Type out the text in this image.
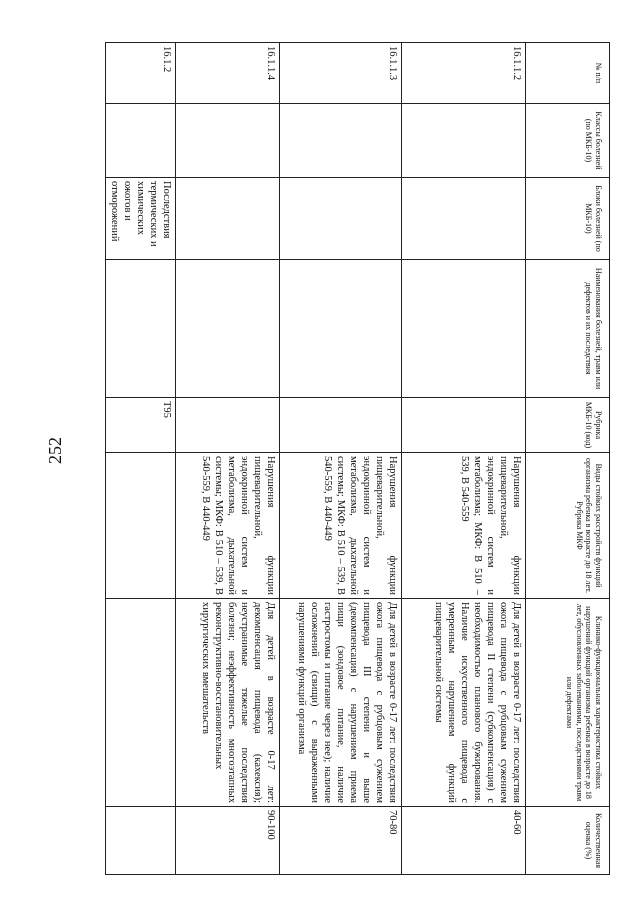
252
№ п/п	Классы болезней (по МКБ-10)	Блоки болезней (по МКБ-10)	Наименования болезней, травм или дефектов и их последствия	Рубрика МКБ-10 (код)	Виды стойких расстройств функций организма ребенка в возрасте до 18 лет. Рубрика МКФ	Клинико-функциональная характеристика стойких нарушений функций организма ребенка в возрасте до 18 лет, обусловленных заболеваниями, последствиями травм или дефектами	Количественная оценка (%)
16.1.1.2					Нарушения функции пищеварительной, эндокринной систем и метаболизма; МКФ: В 510 – 539, В 540-559	Для детей в возрасте 0-17 лет: последствия ожога пищевода с рубцовым сужением пищевода II степени (субкомпенсация) с необходимостью планового бужирования. Наличие искусственного пищевода с умеренным нарушением функций пищеварительной системы	40-60
16.1.1.3					Нарушения функции пищеварительной, эндокринной систем и метаболизма, дыхательной системы; МКФ: В 510 – 539, В 540-559, В 440-449	Для детей в возрасте 0-17 лет: последствия ожога пищевода с рубцовым сужением пищевода III степени и выше (декомпенсация) с нарушением приема пищи (зондовое питание, наличие гастростомы и питание через нее); наличие осложнений (свищи) с выраженными нарушениями функций организма	70-80
16.1.1.4					Нарушения функции пищеварительной, эндокринной систем и метаболизма, дыхательной системы; МКФ: В 510 – 539, В 540-559, В 440-449	Для детей в возрасте 0-17 лет: декомпенсация пищевода (кахексия); неустранимые тяжелые последствия болезни; неэффективность многоэтапных реконструктивно-восстановительных хирургических вмешательств	90-100
16.1.2		Последствия термических и химических ожогов и отморожений		T95			
